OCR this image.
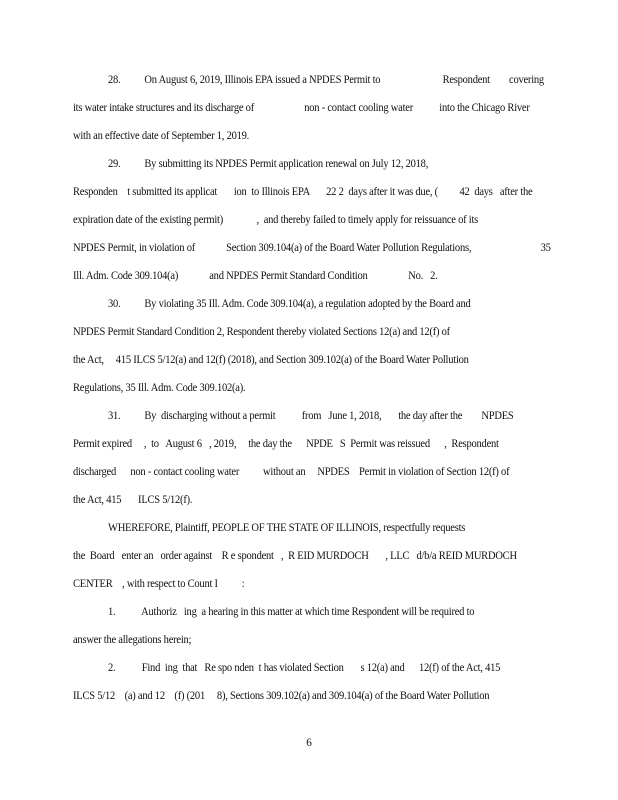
28.          On August 6, 2019, Illinois EPA issued a NPDES Permit to                          Respondent        covering
its water intake structures and its discharge of                     non - contact cooling water           into the Chicago River
with an effective date of September 1, 2019.
29.          By submitting its NPDES Permit application renewal on July 12, 2018,
Responden    t submitted its applicat       ion  to Illinois EPA       22 2  days after it was due, (         42  days   after the
expiration date of the existing permit)              ,  and thereby failed to timely apply for reissuance of its
NPDES Permit, in violation of             Section 309.104(a) of the Board Water Pollution Regulations,                             35
Ill. Adm. Code 309.104(a)             and NPDES Permit Standard Condition                 No.   2.
30.          By violating 35 Ill. Adm. Code 309.104(a), a regulation adopted by the Board and
NPDES Permit Standard Condition 2, Respondent thereby violated Sections 12(a) and 12(f) of
the Act,     415 ILCS 5/12(a) and 12(f) (2018), and Section 309.102(a) of the Board Water Pollution
Regulations, 35 Ill. Adm. Code 309.102(a).
31.          By  discharging without a permit           from   June 1, 2018,       the day after the        NPDES
Permit expired     ,  to   August 6   , 2019,     the day the      NPDE   S  Permit was reissued      ,  Respondent
discharged      non - contact cooling water          without an     NPDES    Permit in violation of Section 12(f) of
the Act, 415       ILCS 5/12(f).
WHEREFORE, Plaintiff, PEOPLE OF THE STATE OF ILLINOIS, respectfully requests
the  Board   enter an   order against    R e spondent   ,  R EID MURDOCH       , LLC   d/b/a REID MURDOCH
CENTER    , with respect to Count I          :
1.           Authoriz   ing  a hearing in this matter at which time Respondent will be required to
answer the allegations herein;
2.           Find  ing  that   Re spo nden  t has violated Section       s 12(a) and      12(f) of the Act, 415
ILCS 5/12    (a) and 12    (f) (201     8), Sections 309.102(a) and 309.104(a) of the Board Water Pollution
6
